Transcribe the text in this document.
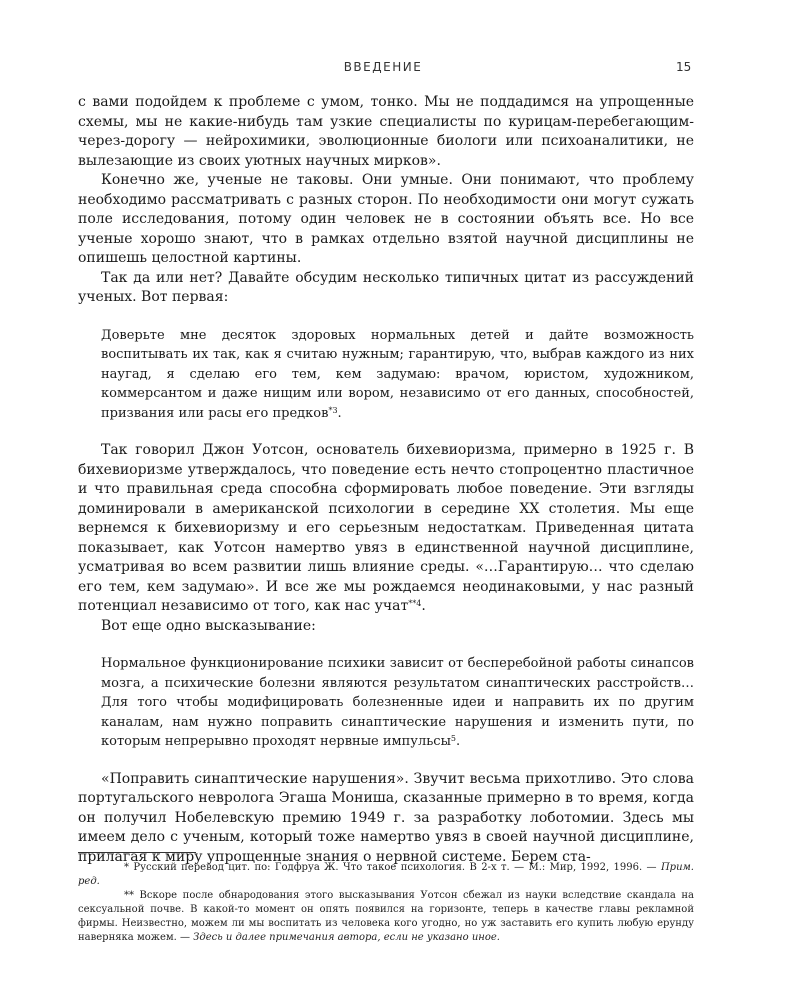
ВВЕДЕНИЕ	15

с вами подойдем к проблеме с умом, тонко. Мы не поддадимся на упрощенные схемы, мы не какие-нибудь там узкие специалисты по курицам-перебегающим-через-дорогу — нейрохимики, эволюционные биологи или психоаналитики, не вылезающие из своих уютных научных мирков».

Конечно же, ученые не таковы. Они умные. Они понимают, что проблему необходимо рассматривать с разных сторон. По необходимости они могут сужать поле исследования, потому один человек не в состоянии объять все. Но все ученые хорошо знают, что в рамках отдельно взятой научной дисциплины не опишешь целостной картины.

Так да или нет? Давайте обсудим несколько типичных цитат из рассуждений ученых. Вот первая:

Доверьте мне десяток здоровых нормальных детей и дайте возможность воспитывать их так, как я считаю нужным; гарантирую, что, выбрав каждого из них наугад, я сделаю его тем, кем задумаю: врачом, юристом, художником, коммерсантом и даже нищим или вором, независимо от его данных, способностей, призвания или расы его предков$^{*3}$.

Так говорил Джон Уотсон, основатель бихевиоризма, примерно в 1925 г. В бихевиоризме утверждалось, что поведение есть нечто стопроцентно пластичное и что правильная среда способна сформировать любое поведение. Эти взгляды доминировали в американской психологии в середине XX столетия. Мы еще вернемся к бихевиоризму и его серьезным недостаткам. Приведенная цитата показывает, как Уотсон намертво увяз в единственной научной дисциплине, усматривая во всем развитии лишь влияние среды. «…Гарантирую… что сделаю его тем, кем задумаю». И все же мы рождаемся неодинаковыми, у нас разный потенциал независимо от того, как нас учат$^{**4}$.

Вот еще одно высказывание:

Нормальное функционирование психики зависит от бесперебойной работы синапсов мозга, а психические болезни являются результатом синаптических расстройств… Для того чтобы модифицировать болезненные идеи и направить их по другим каналам, нам нужно поправить синаптические нарушения и изменить пути, по которым непрерывно проходят нервные импульсы$^5$.

«Поправить синаптические нарушения». Звучит весьма прихотливо. Это слова португальского невролога Эгаша Мониша, сказанные примерно в то время, когда он получил Нобелевскую премию 1949 г. за разработку лоботомии. Здесь мы имеем дело с ученым, который тоже намертво увяз в своей научной дисциплине, прилагая к миру упрощенные знания о нервной системе. Берем ста-

* Русский перевод цит. по: Годфруа Ж. Что такое психология. В 2-х т. — М.: Мир, 1992, 1996. — Прим. ред.

** Вскоре после обнародования этого высказывания Уотсон сбежал из науки вследствие скандала на сексуальной почве. В какой-то момент он опять появился на горизонте, теперь в качестве главы рекламной фирмы. Неизвестно, можем ли мы воспитать из человека кого угодно, но уж заставить его купить любую ерунду наверняка можем. — Здесь и далее примечания автора, если не указано иное.
